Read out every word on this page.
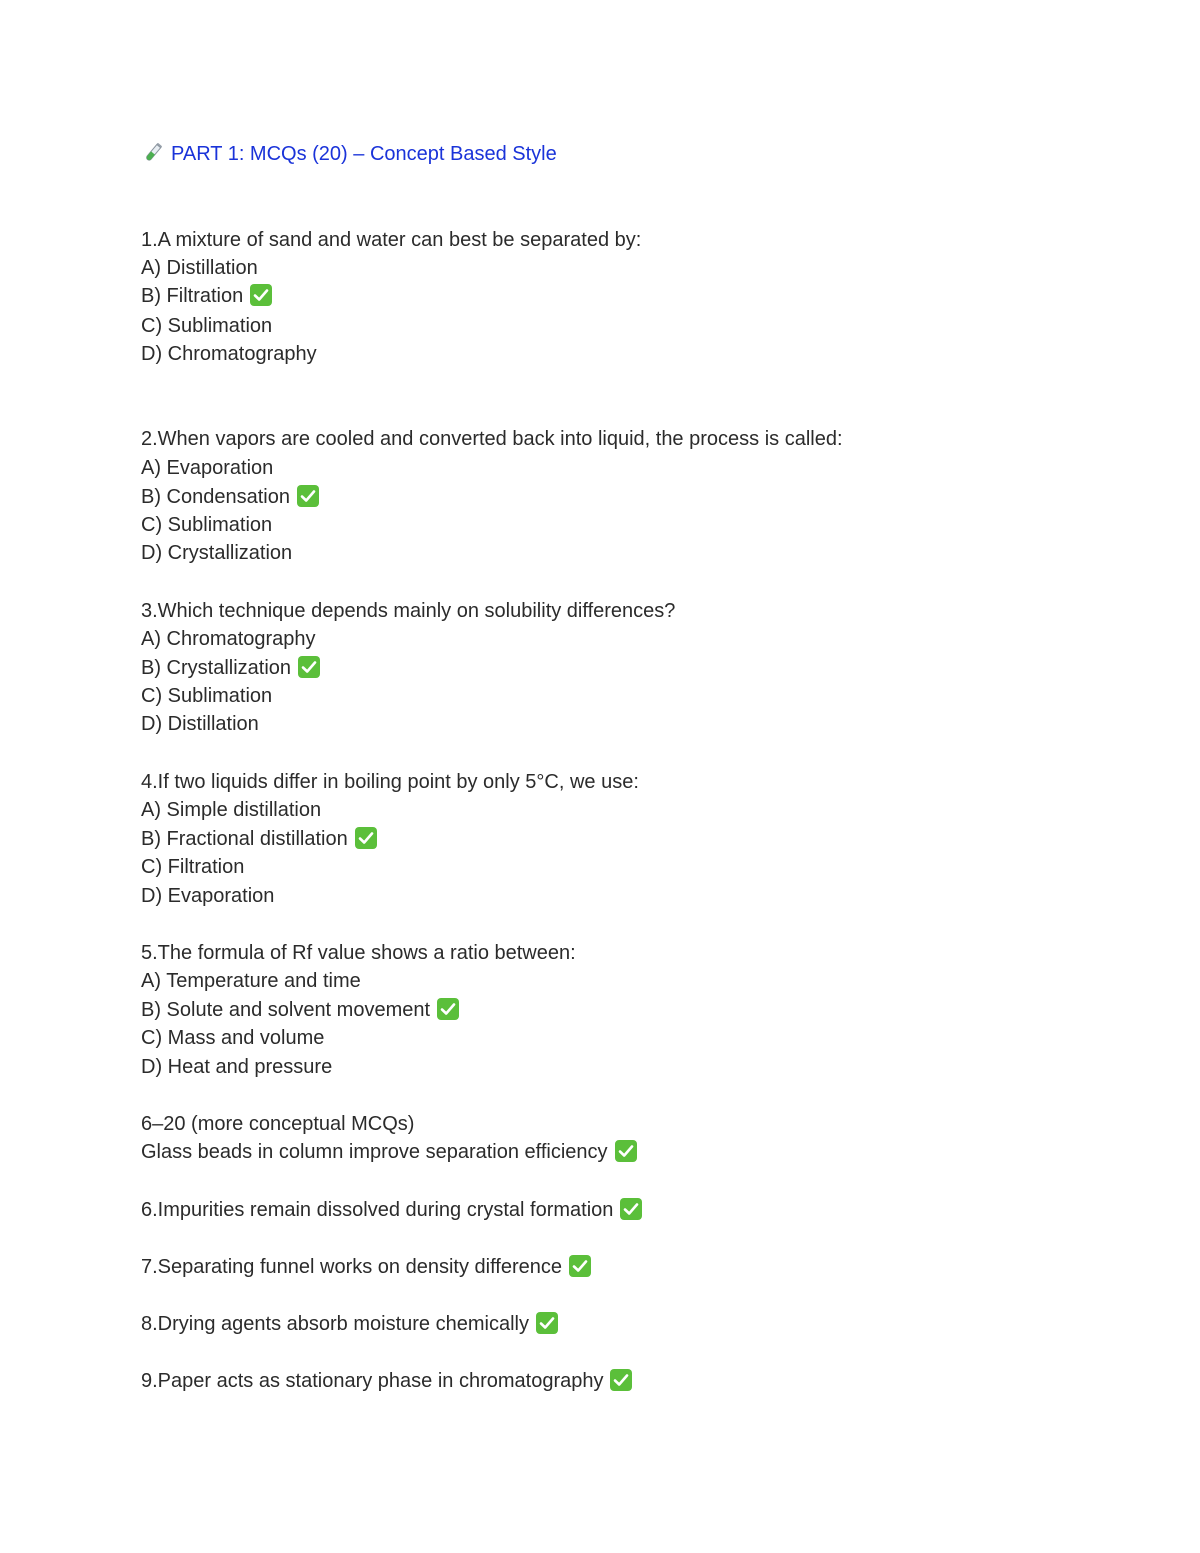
PART 1: MCQs (20) – Concept Based Style
1.A mixture of sand and water can best be separated by:
A) Distillation
B) Filtration
C) Sublimation
D) Chromatography
2.When vapors are cooled and converted back into liquid, the process is called:
A) Evaporation
B) Condensation
C) Sublimation
D) Crystallization
3.Which technique depends mainly on solubility differences?
A) Chromatography
B) Crystallization
C) Sublimation
D) Distillation
4.If two liquids differ in boiling point by only 5°C, we use:
A) Simple distillation
B) Fractional distillation
C) Filtration
D) Evaporation
5.The formula of Rf value shows a ratio between:
A) Temperature and time
B) Solute and solvent movement
C) Mass and volume
D) Heat and pressure
6–20 (more conceptual MCQs)
Glass beads in column improve separation efficiency
6.Impurities remain dissolved during crystal formation
7.Separating funnel works on density difference
8.Drying agents absorb moisture chemically
9.Paper acts as stationary phase in chromatography
